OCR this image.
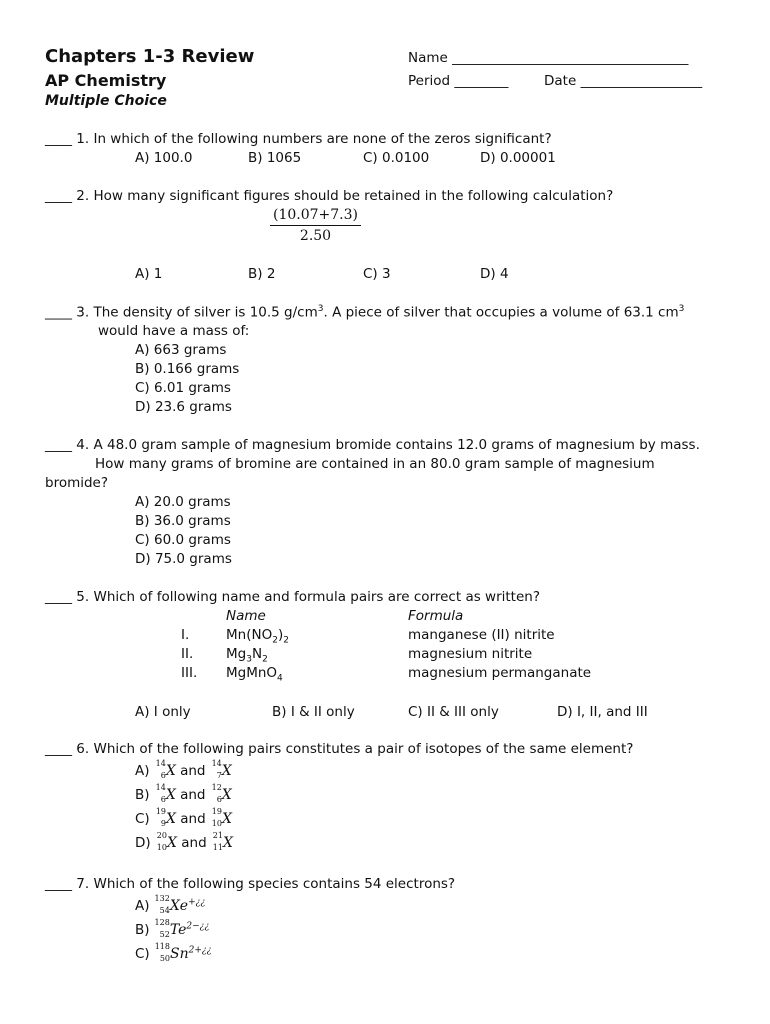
Chapters 1-3 Review
AP Chemistry
Multiple Choice
Name ___________________________________
Period ________	Date __________________
____ 1. In which of the following numbers are none of the zeros significant?
A) 100.0	B) 1065	C) 0.0100	D) 0.00001
____ 2. How many significant figures should be retained in the following calculation?
$\frac{(10.07+7.3)}{2.50}$
A) 1	B) 2	C) 3	D) 4
____ 3. The density of silver is 10.5 $g/cm^3$. A piece of silver that occupies a volume of 63.1 $cm^3$
would have a mass of:
A) 663 grams
B) 0.166 grams
C) 6.01 grams
D) 23.6 grams
____ 4. A 48.0 gram sample of magnesium bromide contains 12.0 grams of magnesium by mass.
How many grams of bromine are contained in an 80.0 gram sample of magnesium
bromide?
A) 20.0 grams
B) 36.0 grams
C) 60.0 grams
D) 75.0 grams
____ 5. Which of following name and formula pairs are correct as written?
Name	Formula
I.	$Mn(NO_2)_2$	manganese (II) nitrite
II. $Mg_3N_2$	magnesium nitrite
III. MgMnO$_4$	magnesium permanganate
A) I only	B) I & II only	C) II & III only	D) I, II, and III
____ 6. Which of the following pairs constitutes a pair of isotopes of the same element?
A) 14
6 X and 14
7 X
B) 14
6 X and 12
6 X
C) 19
9 X and 19
10 X
D) 20
10 X and 21
11 X
____ 7. Which of the following species contains 54 electrons?
A) 132
54 Xe+¿¿
B) 128
52 $Te^{2-¿¿}$
C) 118
50 $Sn^{2+¿¿}$
